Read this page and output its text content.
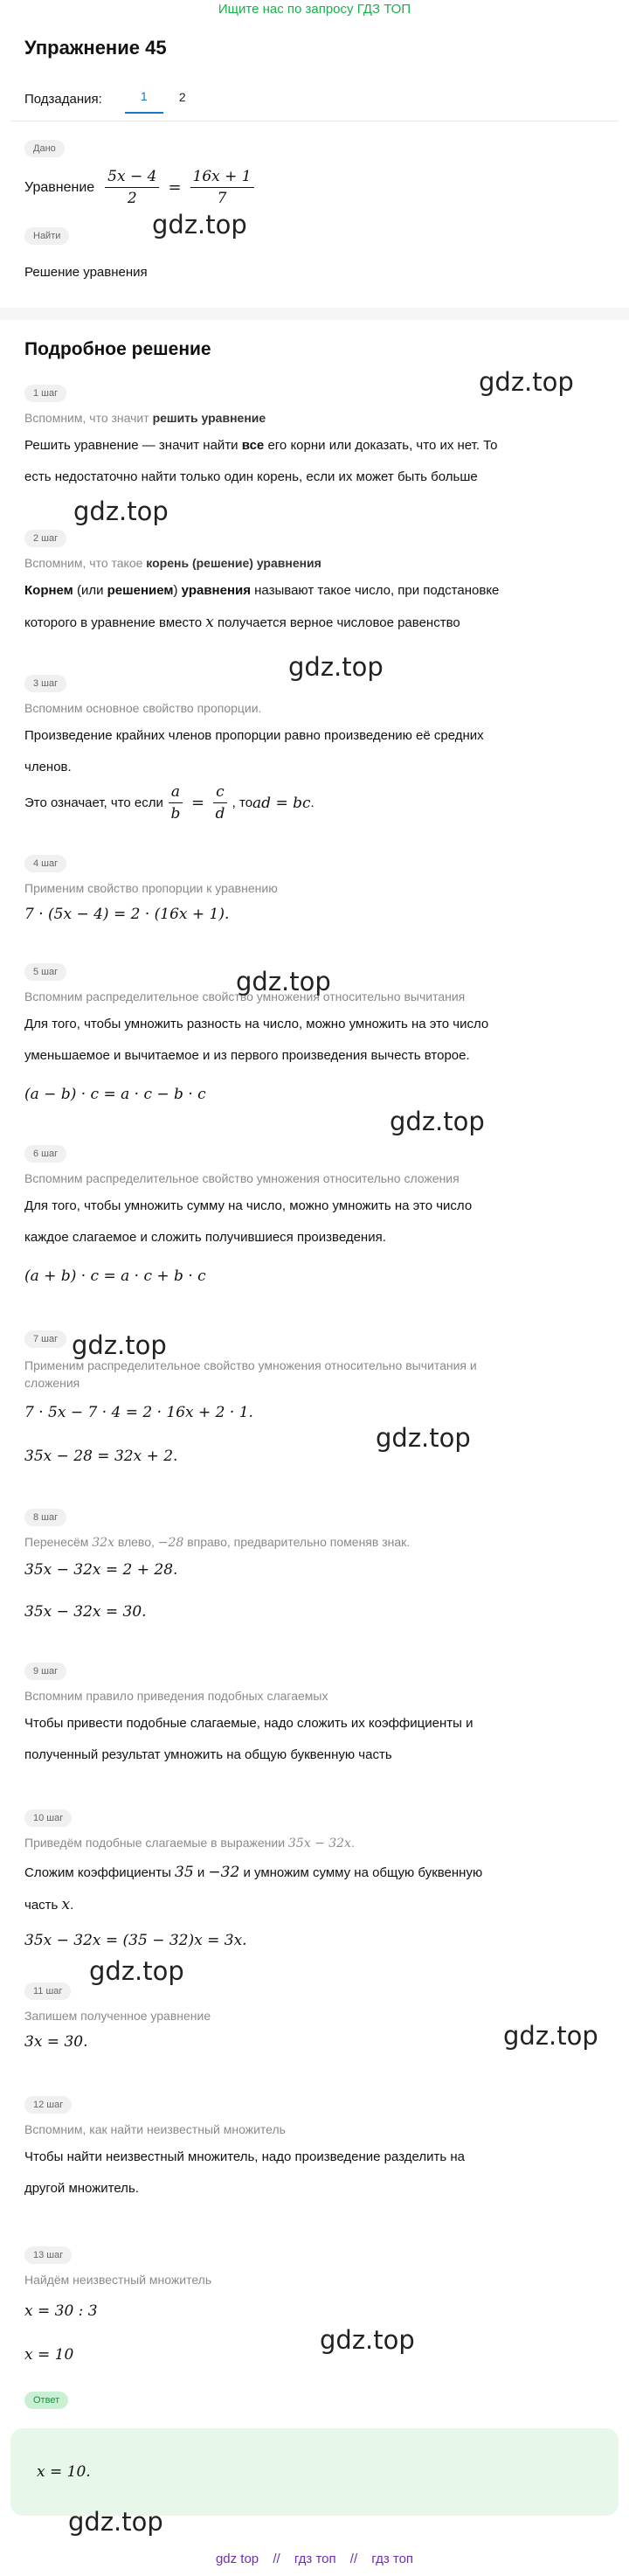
Ищите нас по запросу ГДЗ ТОП
Упражнение 45
Подзадания:	1	2
Дано
Уравнение $\frac{5x - 4}{2} = \frac{16x + 1}{7}$
Найти
Решение уравнения
Подробное решение
1 шаг
Вспомним, что значит решить уравнение
Решить уравнение — значит найти все его корни или доказать, что их нет. То
есть недостаточно найти только один корень, если их может быть больше
2 шаг
Вспомним, что такое корень (решение) уравнения
Корнем (или решением) уравнения называют такое число, при подстановке
которого в уравнение вместо x получается верное числовое равенство
3 шаг
Вспомним основное свойство пропорции.
Произведение крайних членов пропорции равно произведению её средних
членов.
Это означает, что если $\frac{a}{b} = \frac{c}{d}$ , то ad = bc .
4 шаг
Применим свойство пропорции к уравнению
7 · (5x − 4) = 2 · (16x + 1).
5 шаг
Вспомним распределительное свойство умножения относительно вычитания
Для того, чтобы умножить разность на число, можно умножить на это число
уменьшаемое и вычитаемое и из первого произведения вычесть второе.
(a − b) · c = a · c − b · c
6 шаг
Вспомним распределительное свойство умножения относительно сложения
Для того, чтобы умножить сумму на число, можно умножить на это число
каждое слагаемое и сложить получившиеся произведения.
(a + b) · c = a · c + b · c
7 шаг
Применим распределительное свойство умножения относительно вычитания и
сложения
7 · 5x − 7 · 4 = 2 · 16x + 2 · 1.
35x − 28 = 32x + 2.
8 шаг
Перенесём 32x влево, −28 вправо, предварительно поменяв знак.
35x − 32x = 2 + 28.
35x − 32x = 30.
9 шаг
Вспомним правило приведения подобных слагаемых
Чтобы привести подобные слагаемые, надо сложить их коэффициенты и
полученный результат умножить на общую буквенную часть
10 шаг
Приведём подобные слагаемые в выражении 35x − 32x.
Сложим коэффициенты 35 и −32 и умножим сумму на общую буквенную
часть x.
35x − 32x = (35 − 32)x = 3x.
11 шаг
Запишем полученное уравнение
3x = 30.
12 шаг
Вспомним, как найти неизвестный множитель
Чтобы найти неизвестный множитель, надо произведение разделить на
другой множитель.
13 шаг
Найдём неизвестный множитель
x = 30 : 3
x = 10
Ответ
x = 10.
gdz.top
gdz.top
gdz.top
gdz.top
gdz.top
gdz.top
gdz.top
gdz.top
gdz.top
gdz.top
gdz.top
gdz.top
gdz top // гдз топ // гдз топ
